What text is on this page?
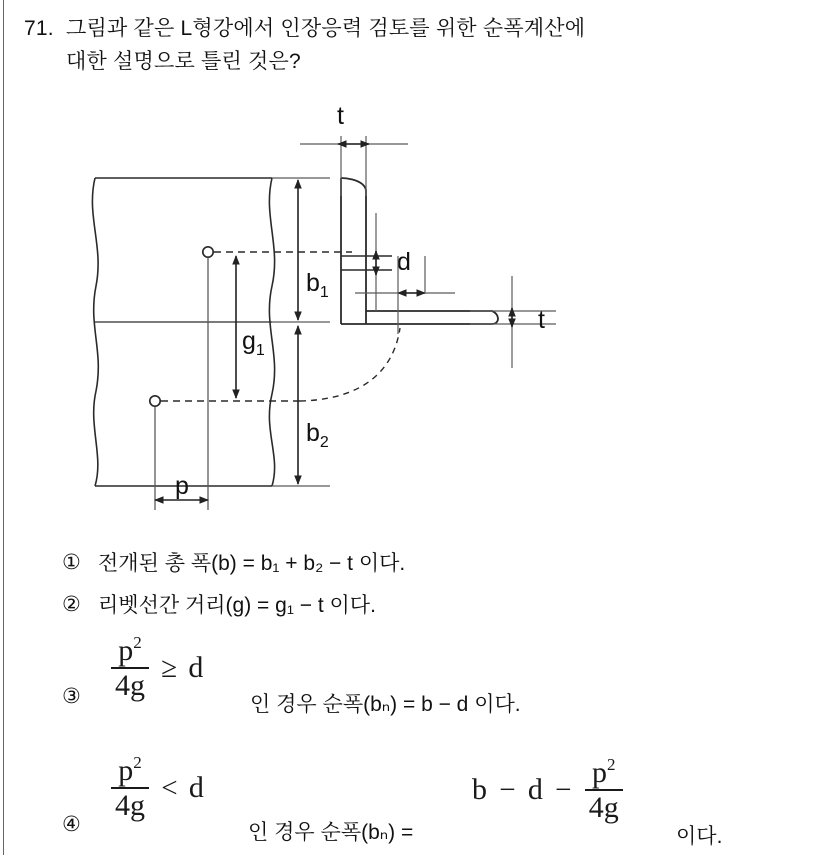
71. 그림과 같은 L형강에서 인장응력 검토를 위한 순폭계산에
대한 설명으로 틀린 것은?
p
$g_1$
$b_1$
$b_2$
d
t
t
① 전개된 총 폭(b) = b₁ + b₂ − t 이다.
② 리벳선간 거리(g) = g₁ − t 이다.
③ $\frac{p^2}{4g} \ge d$
인 경우 순폭(bₙ) = b − d 이다.
④
$\frac{p^2}{4g} < d$
인 경우 순폭(bₙ) =
$b - d - \frac{p^2}{4g}$
이다.
